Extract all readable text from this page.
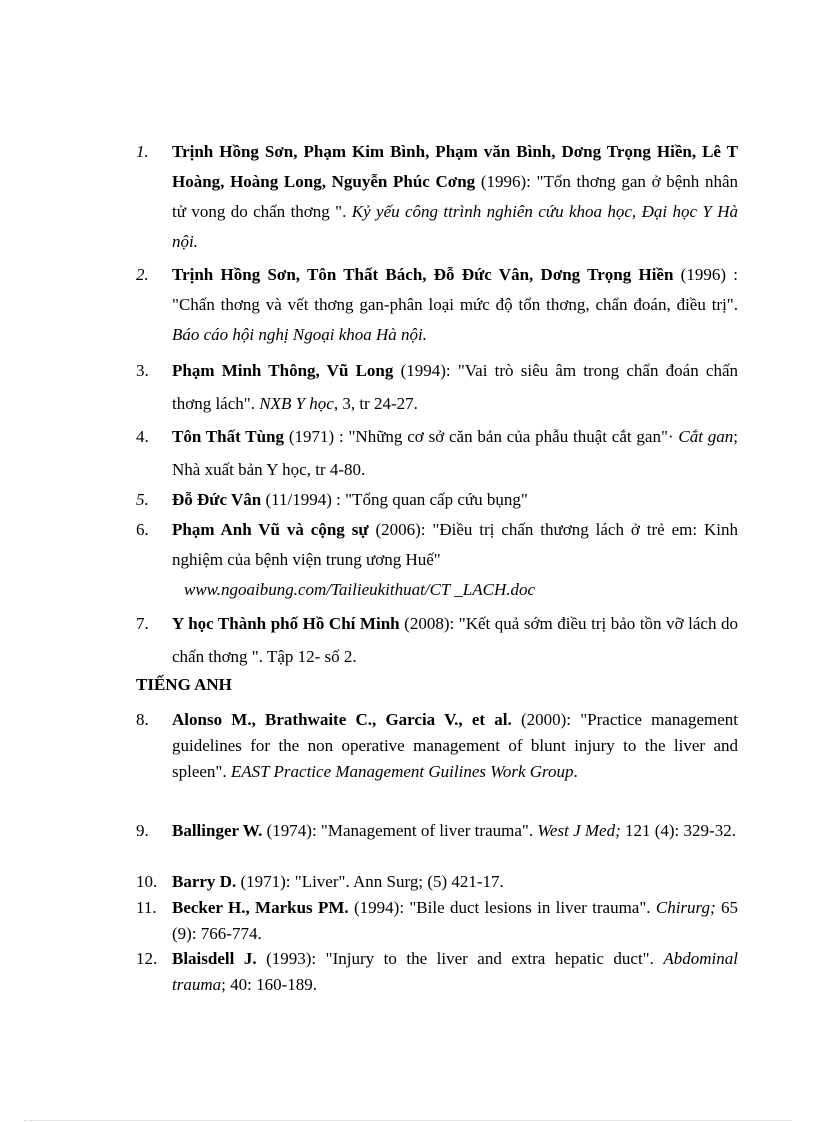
1.	Trịnh Hồng Sơn, Phạm Kim Bình, Phạm văn Bình, Dơng Trọng Hiền, Lê T Hoàng, Hoàng Long, Nguyễn Phúc Cơng (1996): "Tổn thơng gan ở bệnh nhân tử vong do chấn thơng ". Kỷ yếu công ttrình nghiên cứu khoa học, Đại học Y Hà nội.
2.	Trịnh Hồng Sơn, Tôn Thất Bách, Đỗ Đức Vân, Dơng Trọng Hiền (1996) : "Chấn thơng và vết thơng gan-phân loại mức độ tổn thơng, chẩn đoán, điều trị". Báo cáo hội nghị Ngoại khoa Hà nội.
3.	Phạm Minh Thông, Vũ Long (1994): "Vai trò siêu âm trong chẩn đoán chấn thơng lách". NXB Y học, 3, tr 24-27.
4.	Tôn Thất Tùng (1971) : "Những cơ sở căn bản của phẫu thuật cắt gan"· Cắt gan; Nhà xuất bản Y học, tr 4-80.
5.	Đỗ Đức Vân (11/1994) : "Tổng quan cấp cứu bụng"
6.	Phạm Anh Vũ và cộng sự (2006): "Điều trị chấn thương lách ở trẻ em: Kinh nghiệm của bệnh viện trung ương Huế"
www.ngoaibung.com/Tailieukithuat/CT _LACH.doc
7.	Y học Thành phố Hồ Chí Minh (2008): "Kết quả sớm điều trị bảo tồn vỡ lách do chấn thơng ". Tập 12- số 2.
TIẾNG ANH
8.	Alonso M., Brathwaite C., Garcia V., et al. (2000): "Practice management guidelines for the non operative management of blunt injury to the liver and spleen". EAST Practice Management Guilines Work Group.
9.	Ballinger W. (1974): "Management of liver trauma". West J Med; 121 (4): 329-32.
10. Barry D. (1971): "Liver". Ann Surg; (5) 421-17.
11. Becker H., Markus PM. (1994): "Bile duct lesions in liver trauma". Chirurg; 65 (9): 766-774.
12. Blaisdell J. (1993): "Injury to the liver and extra hepatic duct". Abdominal trauma; 40: 160-189.
